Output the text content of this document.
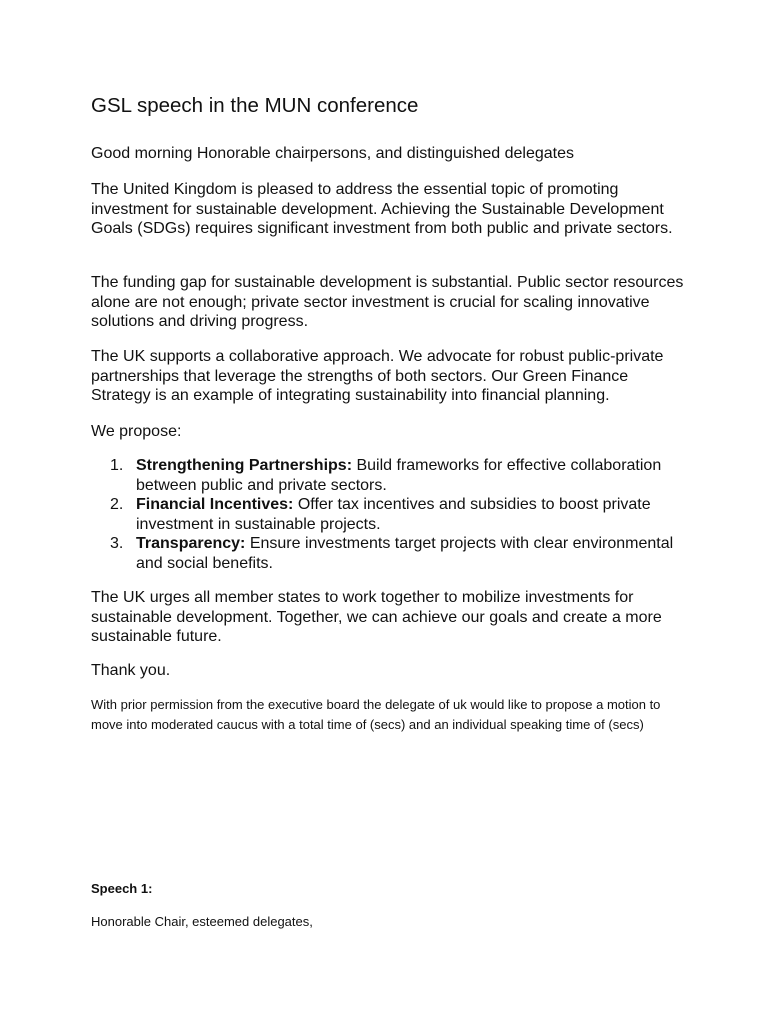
GSL speech in the MUN conference

Good morning Honorable chairpersons, and distinguished delegates

The United Kingdom is pleased to address the essential topic of promoting investment for sustainable development. Achieving the Sustainable Development Goals (SDGs) requires significant investment from both public and private sectors.

The funding gap for sustainable development is substantial. Public sector resources alone are not enough; private sector investment is crucial for scaling innovative solutions and driving progress.

The UK supports a collaborative approach. We advocate for robust public-private partnerships that leverage the strengths of both sectors. Our Green Finance Strategy is an example of integrating sustainability into financial planning.

We propose:

1. Strengthening Partnerships: Build frameworks for effective collaboration between public and private sectors.
2. Financial Incentives: Offer tax incentives and subsidies to boost private investment in sustainable projects.
3. Transparency: Ensure investments target projects with clear environmental and social benefits.

The UK urges all member states to work together to mobilize investments for sustainable development. Together, we can achieve our goals and create a more sustainable future.

Thank you.

With prior permission from the executive board the delegate of uk would like to propose a motion to move into moderated caucus with a total time of (secs) and an individual speaking time of (secs)

Speech 1:

Honorable Chair, esteemed delegates,
